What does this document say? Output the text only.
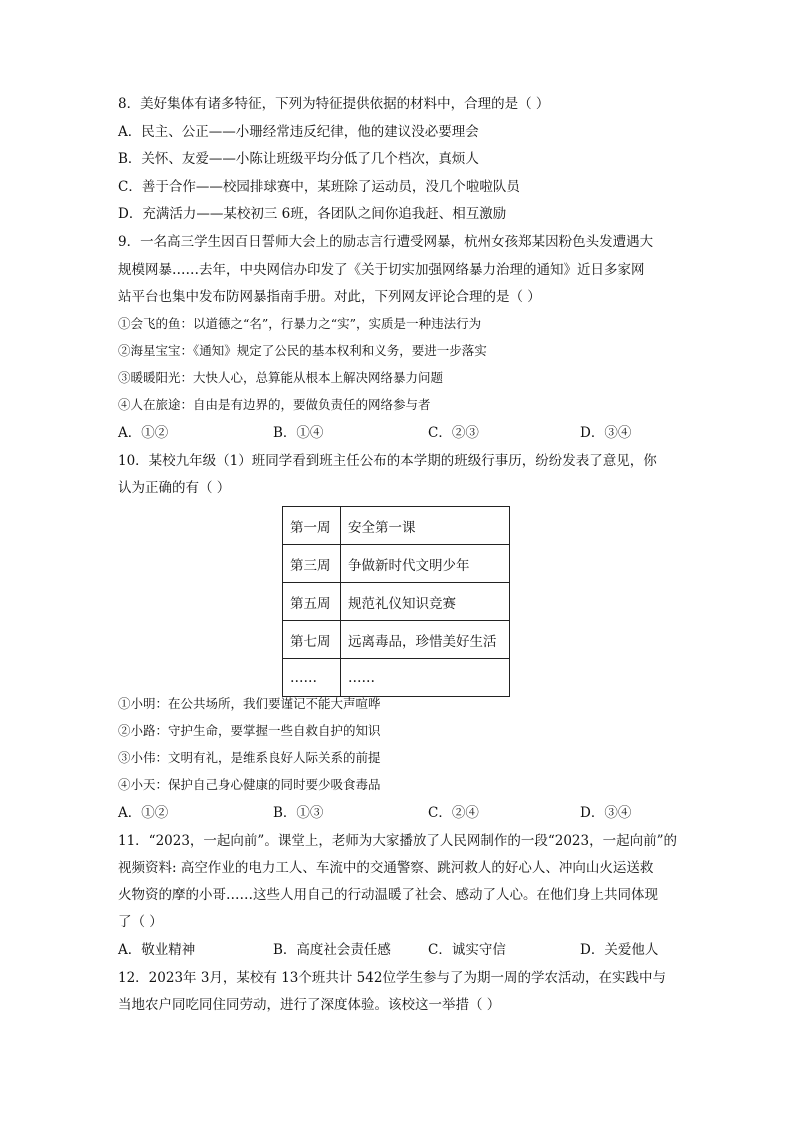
8．美好集体有诸多特征，下列为特征提供依据的材料中，合理的是（ ）
A．民主、公正——小珊经常违反纪律，他的建议没必要理会
B．关怀、友爱——小陈让班级平均分低了几个档次，真烦人
C．善于合作——校园排球赛中，某班除了运动员，没几个啦啦队员
D．充满活力——某校初三 6班，各团队之间你追我赶、相互激励
9．一名高三学生因百日誓师大会上的励志言行遭受网暴，杭州女孩郑某因粉色头发遭遇大
规模网暴……去年，中央网信办印发了《关于切实加强网络暴力治理的通知》近日多家网
站平台也集中发布防网暴指南手册。对此，下列网友评论合理的是（ ）
①会飞的鱼：以道德之“名”，行暴力之“实”，实质是一种违法行为
②海星宝宝：《通知》规定了公民的基本权利和义务，要进一步落实
③暖暖阳光：大快人心，总算能从根本上解决网络暴力问题
④人在旅途：自由是有边界的，要做负责任的网络参与者
A．①②	B．①④	C．②③	D．③④
10．某校九年级（1）班同学看到班主任公布的本学期的班级行事历，纷纷发表了意见，你
认为正确的有（ ）
第一周	安全第一课
第三周	争做新时代文明少年
第五周	规范礼仪知识竞赛
第七周	远离毒品，珍惜美好生活
……	……
①小明：在公共场所，我们要谨记不能大声喧哗
②小路：守护生命，要掌握一些自救自护的知识
③小伟：文明有礼，是维系良好人际关系的前提
④小天：保护自己身心健康的同时要少吸食毒品
A．①②	B．①③	C．②④	D．③④
11．“2023，一起向前”。课堂上，老师为大家播放了人民网制作的一段“2023，一起向前”的
视频资料: 高空作业的电力工人、车流中的交通警察、跳河救人的好心人、冲向山火运送救
火物资的摩的小哥……这些人用自己的行动温暖了社会、感动了人心。在他们身上共同体现
了（ ）
A．敬业精神	B．高度社会责任感	C．诚实守信	D．关爱他人
12．2023年 3月，某校有 13个班共计 542位学生参与了为期一周的学农活动，在实践中与
当地农户同吃同住同劳动，进行了深度体验。该校这一举措（ ）
